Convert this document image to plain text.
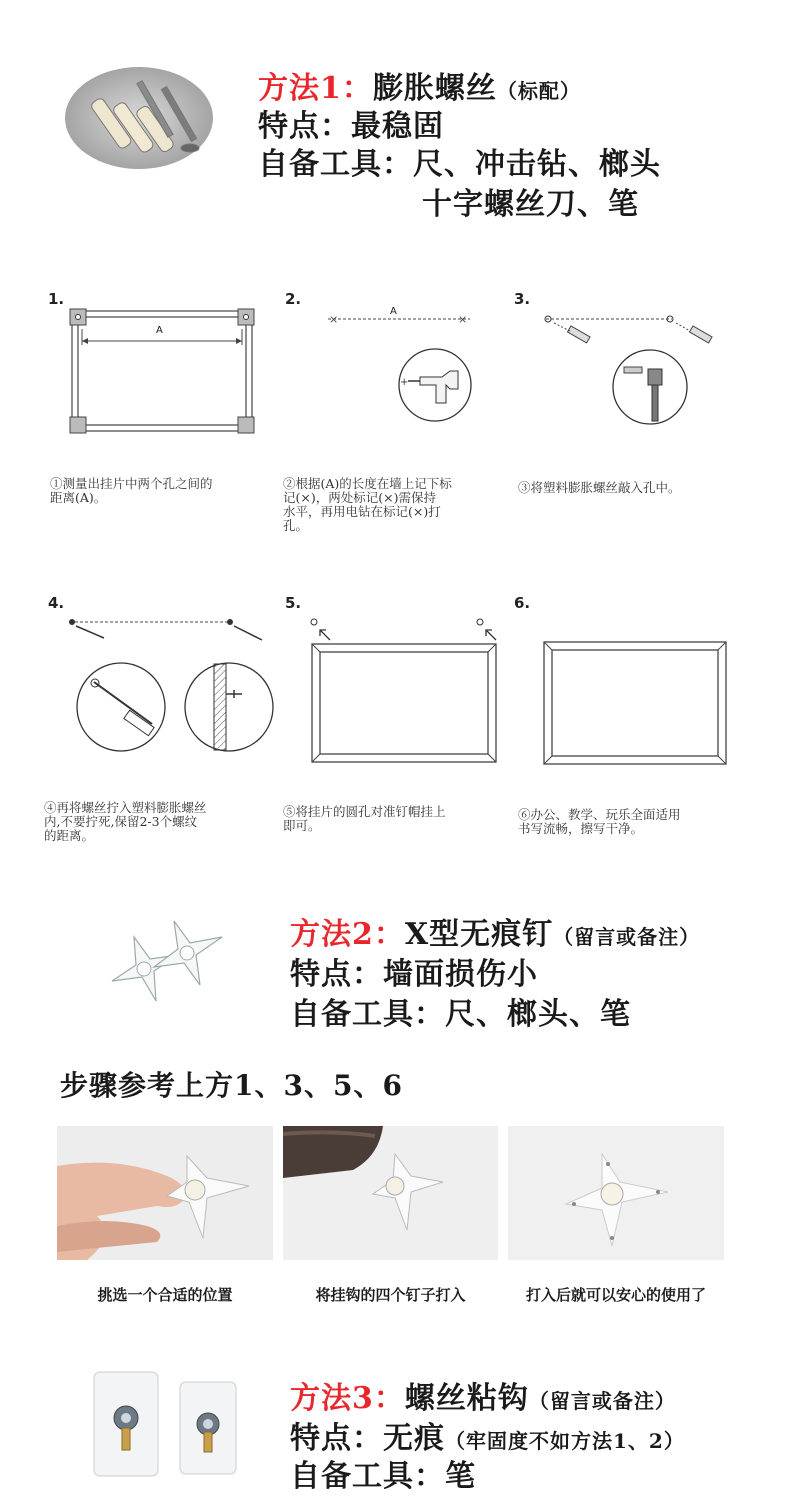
方法1：膨胀螺丝（标配）
特点：最稳固
自备工具：尺、冲击钻、榔头
十字螺丝刀、笔
1.	2.	3.
A
×	×
+
A
①测量出挂片中两个孔之间的
距离(A)。
②根据(A)的长度在墙上记下标
记(×)，两处标记(×)需保持
水平，再用电钻在标记(×)打
孔。
③将塑料膨胀螺丝敲入孔中。
4.	5.	6.
④再将螺丝拧入塑料膨胀螺丝
内,不要拧死,保留2-3个螺纹
的距离。
⑤将挂片的圆孔对准钉帽挂上
即可。
⑥办公、教学、玩乐全面适用
书写流畅，擦写干净。
方法2：X型无痕钉（留言或备注）
特点：墙面损伤小
自备工具：尺、榔头、笔
步骤参考上方1、3、5、6
挑选一个合适的位置	将挂钩的四个钉子打入	打入后就可以安心的使用了
方法3：螺丝粘钩（留言或备注）
特点：无痕（牢固度不如方法1、2）
自备工具：笔
